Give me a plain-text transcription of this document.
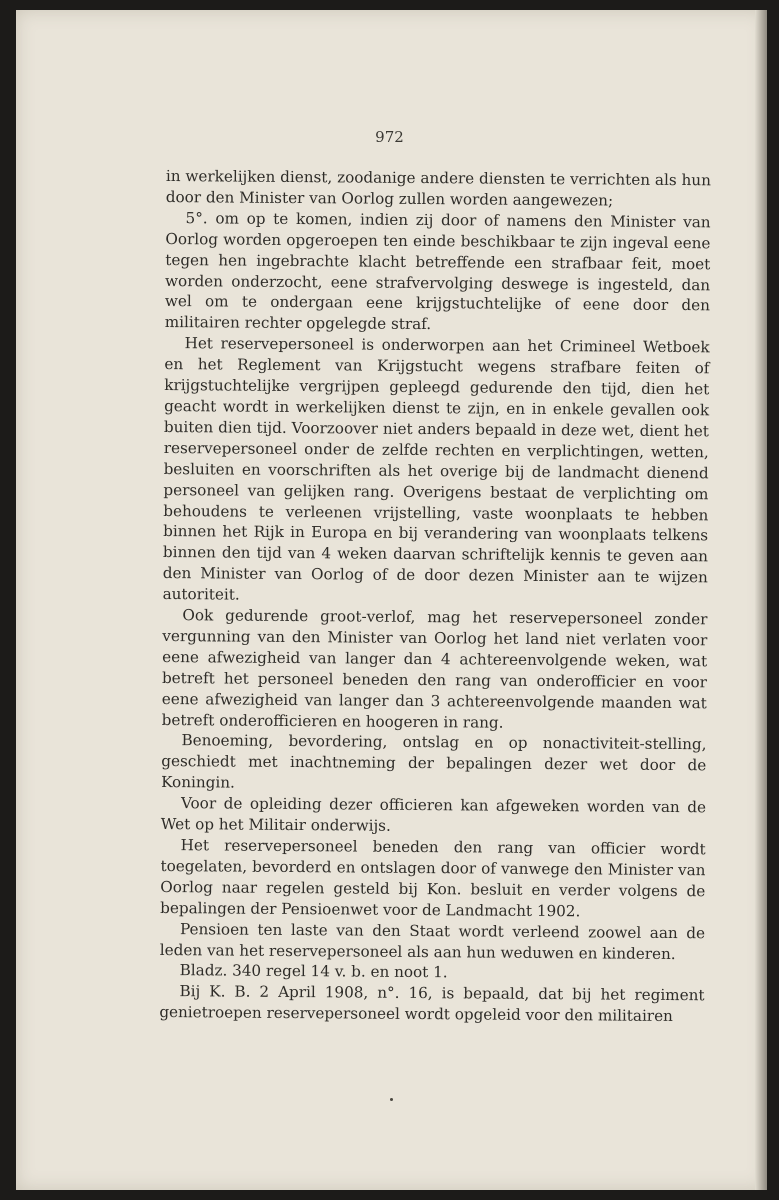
972

in werkelijken dienst, zoodanige andere diensten te verrichten als hun door den Minister van Oorlog zullen worden aangewezen;

5°. om op te komen, indien zij door of namens den Minister van Oorlog worden opgeroepen ten einde beschikbaar te zijn ingeval eene tegen hen ingebrachte klacht betreffende een strafbaar feit, moet worden onderzocht, eene strafvervolging deswege is ingesteld, dan wel om te ondergaan eene krijgstuchtelijke of eene door den militairen rechter opgelegde straf.

Het reservepersoneel is onderworpen aan het Crimineel Wetboek en het Reglement van Krijgstucht wegens strafbare feiten of krijgstuchtelijke vergrijpen gepleegd gedurende den tijd, dien het geacht wordt in werkelijken dienst te zijn, en in enkele gevallen ook buiten dien tijd. Voorzoover niet anders bepaald in deze wet, dient het reservepersoneel onder de zelfde rechten en verplichtingen, wetten, besluiten en voorschriften als het overige bij de landmacht dienend personeel van gelijken rang. Overigens bestaat de verplichting om behoudens te verleenen vrijstelling, vaste woonplaats te hebben binnen het Rijk in Europa en bij verandering van woonplaats telkens binnen den tijd van 4 weken daarvan schriftelijk kennis te geven aan den Minister van Oorlog of de door dezen Minister aan te wijzen autoriteit.

Ook gedurende groot-verlof, mag het reservepersoneel zonder vergunning van den Minister van Oorlog het land niet verlaten voor eene afwezigheid van langer dan 4 achtereenvolgende weken, wat betreft het personeel beneden den rang van onderofficier en voor eene afwezigheid van langer dan 3 achtereenvolgende maanden wat betreft onderofficieren en hoogeren in rang.

Benoeming, bevordering, ontslag en op nonactiviteit-stelling, geschiedt met inachtneming der bepalingen dezer wet door de Koningin.

Voor de opleiding dezer officieren kan afgeweken worden van de Wet op het Militair onderwijs.

Het reservepersoneel beneden den rang van officier wordt toegelaten, bevorderd en ontslagen door of vanwege den Minister van Oorlog naar regelen gesteld bij Kon. besluit en verder volgens de bepalingen der Pensioenwet voor de Landmacht 1902.

Pensioen ten laste van den Staat wordt verleend zoowel aan de leden van het reservepersoneel als aan hun weduwen en kinderen.

Bladz. 340 regel 14 v. b. en noot 1.

Bij K. B. 2 April 1908, n°. 16, is bepaald, dat bij het regiment genietroepen reservepersoneel wordt opgeleid voor den militairen
